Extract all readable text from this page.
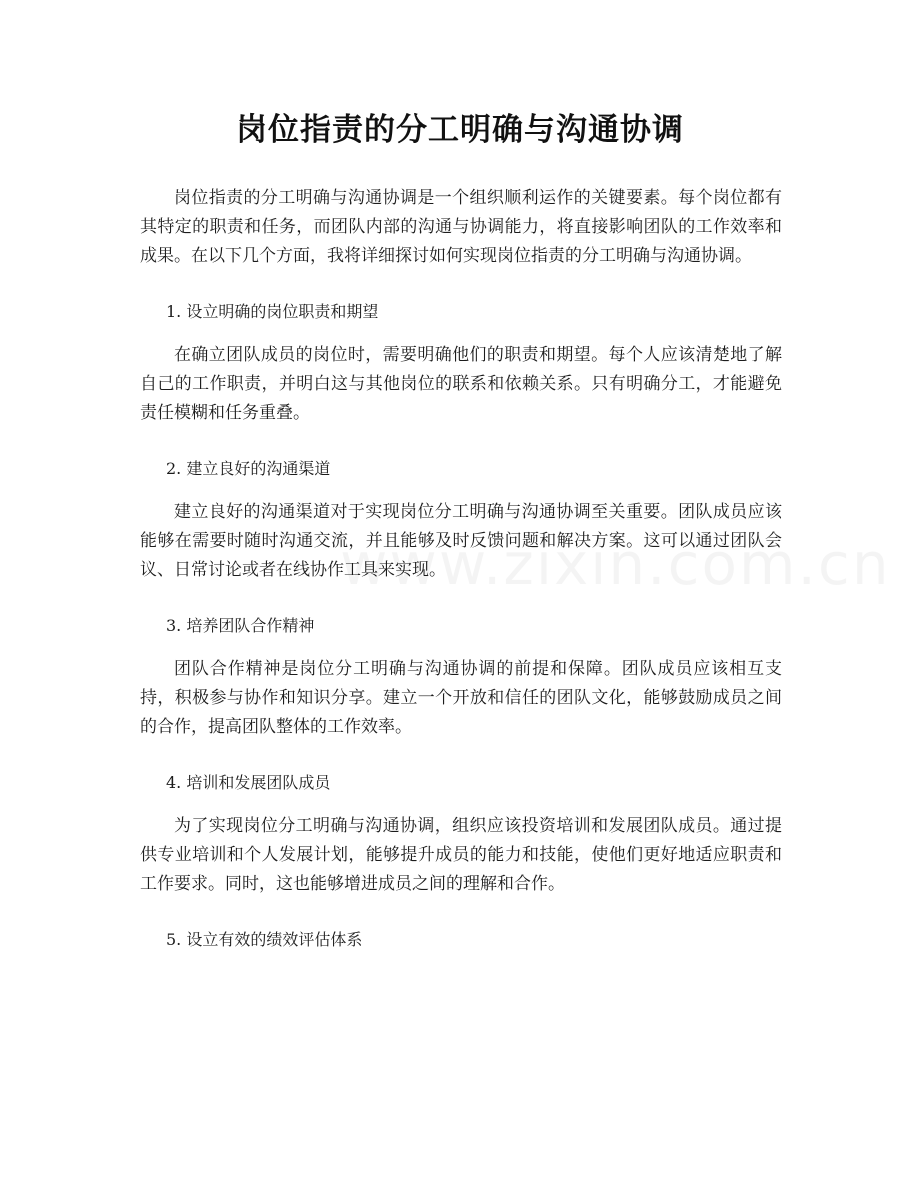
岗位指责的分工明确与沟通协调

岗位指责的分工明确与沟通协调是一个组织顺利运作的关键要素。每个岗位都有其特定的职责和任务，而团队内部的沟通与协调能力，将直接影响团队的工作效率和成果。在以下几个方面，我将详细探讨如何实现岗位指责的分工明确与沟通协调。

1. 设立明确的岗位职责和期望

在确立团队成员的岗位时，需要明确他们的职责和期望。每个人应该清楚地了解自己的工作职责，并明白这与其他岗位的联系和依赖关系。只有明确分工，才能避免责任模糊和任务重叠。

2. 建立良好的沟通渠道

建立良好的沟通渠道对于实现岗位分工明确与沟通协调至关重要。团队成员应该能够在需要时随时沟通交流，并且能够及时反馈问题和解决方案。这可以通过团队会议、日常讨论或者在线协作工具来实现。

3. 培养团队合作精神

团队合作精神是岗位分工明确与沟通协调的前提和保障。团队成员应该相互支持，积极参与协作和知识分享。建立一个开放和信任的团队文化，能够鼓励成员之间的合作，提高团队整体的工作效率。

4. 培训和发展团队成员

为了实现岗位分工明确与沟通协调，组织应该投资培训和发展团队成员。通过提供专业培训和个人发展计划，能够提升成员的能力和技能，使他们更好地适应职责和工作要求。同时，这也能够增进成员之间的理解和合作。

5. 设立有效的绩效评估体系
